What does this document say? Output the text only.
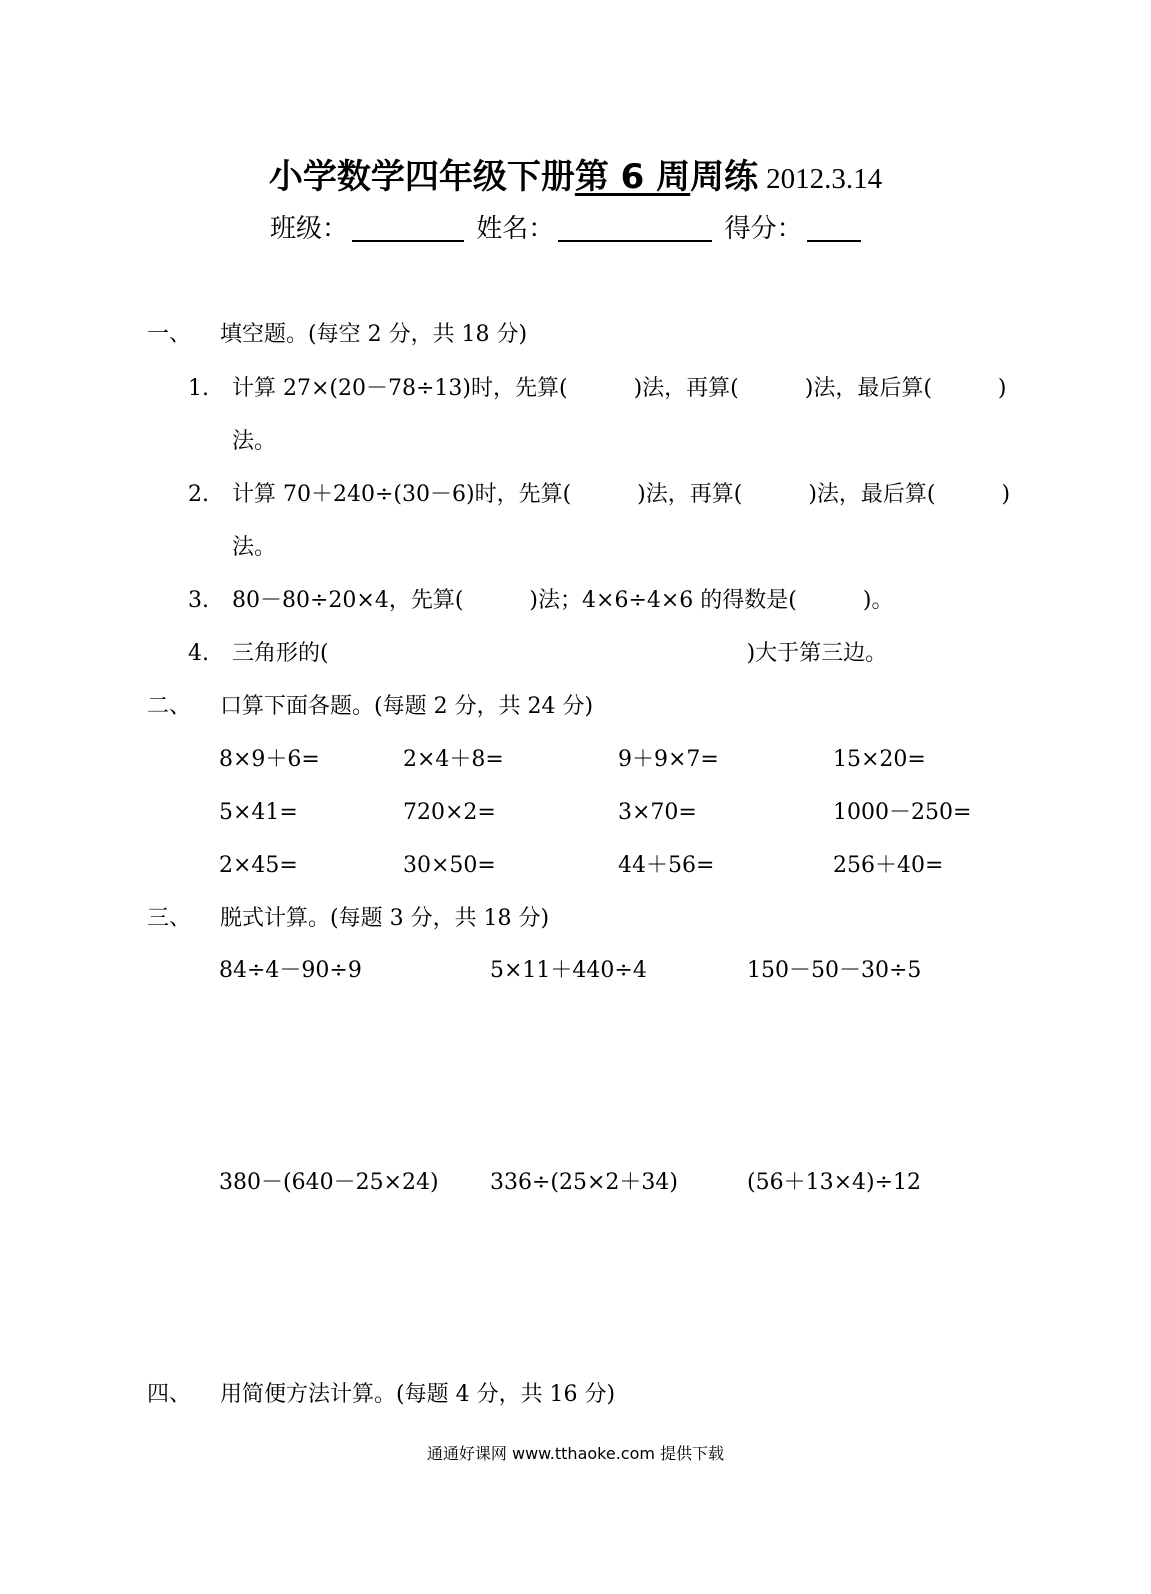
小学数学四年级下册第 6 周周练 2012.3.14
班级：	姓名：	得分：
一、 填空题。(每空 2 分，共 18 分)
1. 计算 27×(20－78÷13)时，先算(　　　)法，再算(　　　)法，最后算(　　　)
法。
2. 计算 70＋240÷(30－6)时，先算(　　　)法，再算(　　　)法，最后算(　　　)
法。
3. 80－80÷20×4，先算(　　　)法；4×6÷4×6 的得数是(　　　)。
4. 三角形的(　　　　　　　　　　　　　　　　　　　)大于第三边。
二、 口算下面各题。(每题 2 分，共 24 分)
8×9＋6=	2×4＋8=	9＋9×7=	15×20=
5×41=	720×2=	3×70=	1000－250=
2×45=	30×50=	44＋56=	256＋40=
三、 脱式计算。(每题 3 分，共 18 分)
84÷4－90÷9	5×11＋440÷4	150－50－30÷5
380－(640－25×24) 336÷(25×2＋34)	(56＋13×4)÷12
四、 用简便方法计算。(每题 4 分，共 16 分)
通通好课网 www.tthaoke.com 提供下载
